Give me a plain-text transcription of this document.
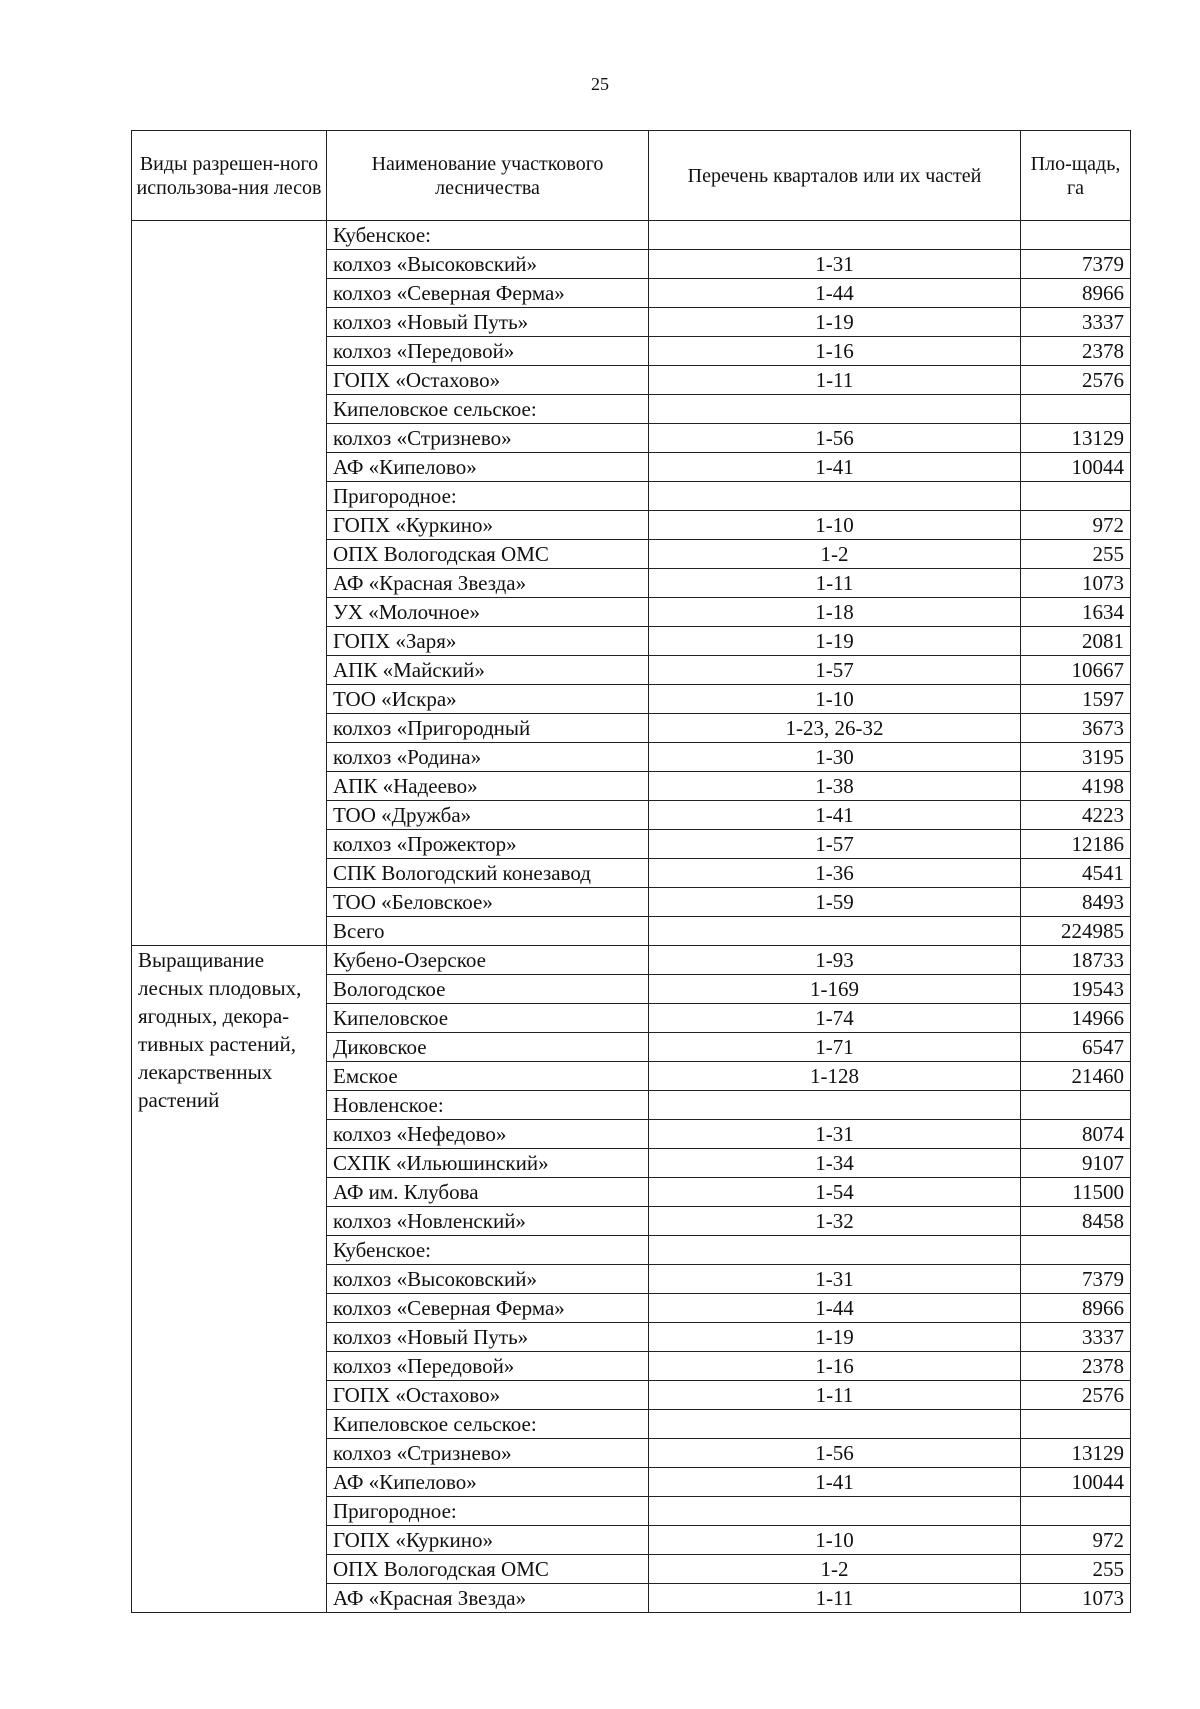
25
Виды разрешен-ного использова-ния лесов	Наименование участкового лесничества	Перечень кварталов или их частей	Пло-щадь, га
	Кубенское:		
	колхоз «Высоковский»	1-31	7379
	колхоз «Северная Ферма»	1-44	8966
	колхоз «Новый Путь»	1-19	3337
	колхоз «Передовой»	1-16	2378
	ГОПХ «Остахово»	1-11	2576
	Кипеловское сельское:		
	колхоз «Стризнево»	1-56	13129
	АФ «Кипелово»	1-41	10044
	Пригородное:		
	ГОПХ «Куркино»	1-10	972
	ОПХ Вологодская ОМС	1-2	255
	АФ «Красная Звезда»	1-11	1073
	УХ «Молочное»	1-18	1634
	ГОПХ «Заря»	1-19	2081
	АПК «Майский»	1-57	10667
	ТОО «Искра»	1-10	1597
	колхоз «Пригородный	1-23, 26-32	3673
	колхоз «Родина»	1-30	3195
	АПК «Надеево»	1-38	4198
	ТОО «Дружба»	1-41	4223
	колхоз «Прожектор»	1-57	12186
	СПК Вологодский конезавод	1-36	4541
	ТОО «Беловское»	1-59	8493
	Всего		224985
Выращивание лесных плодовых, ягодных, декора-тивных растений, лекарственных растений	Кубено-Озерское	1-93	18733
	Вологодское	1-169	19543
	Кипеловское	1-74	14966
	Диковское	1-71	6547
	Емское	1-128	21460
	Новленское:		
	колхоз «Нефедово»	1-31	8074
	СХПК «Ильюшинский»	1-34	9107
	АФ им. Клубова	1-54	11500
	колхоз «Новленский»	1-32	8458
	Кубенское:		
	колхоз «Высоковский»	1-31	7379
	колхоз «Северная Ферма»	1-44	8966
	колхоз «Новый Путь»	1-19	3337
	колхоз «Передовой»	1-16	2378
	ГОПХ «Остахово»	1-11	2576
	Кипеловское сельское:		
	колхоз «Стризнево»	1-56	13129
	АФ «Кипелово»	1-41	10044
	Пригородное:		
	ГОПХ «Куркино»	1-10	972
	ОПХ Вологодская ОМС	1-2	255
	АФ «Красная Звезда»	1-11	1073
